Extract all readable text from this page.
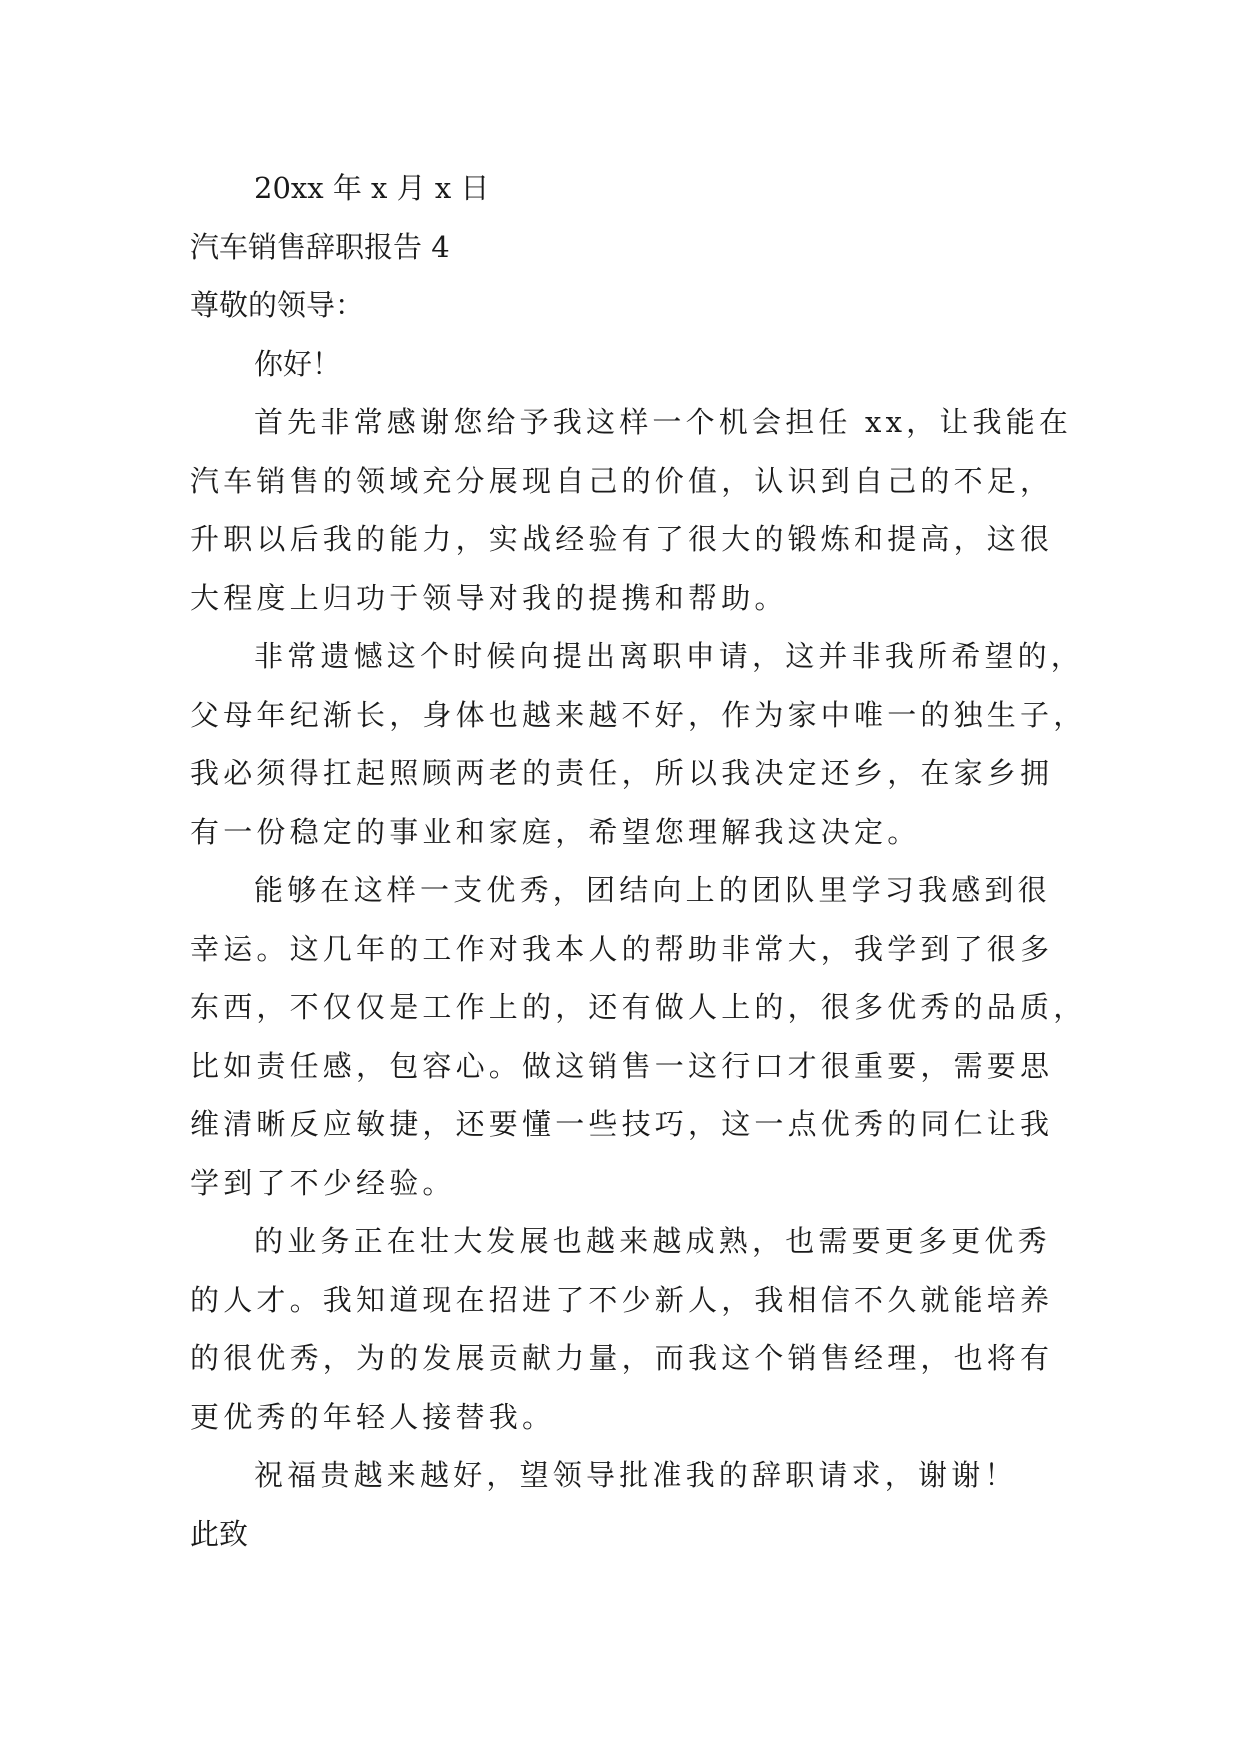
20xx 年 x 月 x 日
汽车销售辞职报告 4
尊敬的领导：
你好！
首先非常感谢您给予我这样一个机会担任 xx，让我能在
汽车销售的领域充分展现自己的价值，认识到自己的不足，
升职以后我的能力，实战经验有了很大的锻炼和提高，这很
大程度上归功于领导对我的提携和帮助。
非常遗憾这个时候向提出离职申请，这并非我所希望的，
父母年纪渐长，身体也越来越不好，作为家中唯一的独生子，
我必须得扛起照顾两老的责任，所以我决定还乡，在家乡拥
有一份稳定的事业和家庭，希望您理解我这决定。
能够在这样一支优秀，团结向上的团队里学习我感到很
幸运。这几年的工作对我本人的帮助非常大，我学到了很多
东西，不仅仅是工作上的，还有做人上的，很多优秀的品质，
比如责任感，包容心。做这销售一这行口才很重要，需要思
维清晰反应敏捷，还要懂一些技巧，这一点优秀的同仁让我
学到了不少经验。
的业务正在壮大发展也越来越成熟，也需要更多更优秀
的人才。我知道现在招进了不少新人，我相信不久就能培养
的很优秀，为的发展贡献力量，而我这个销售经理，也将有
更优秀的年轻人接替我。
祝福贵越来越好，望领导批准我的辞职请求，谢谢！
此致
